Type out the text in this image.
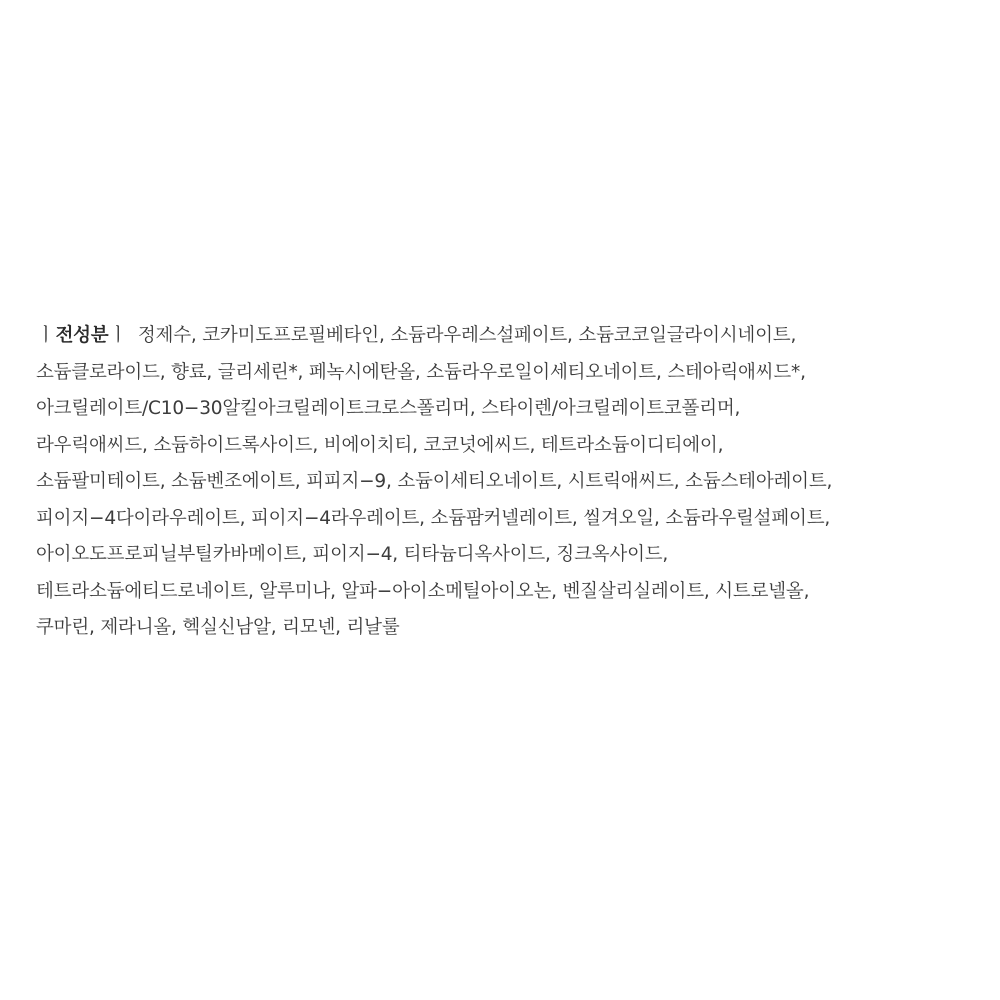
ㅣ전성분ㅣ 정제수, 코카미도프로필베타인, 소듐라우레스설페이트, 소듐코코일글라이시네이트,
소듐클로라이드, 향료, 글리세린*, 페녹시에탄올, 소듐라우로일이세티오네이트, 스테아릭애씨드*,
아크릴레이트/C10−30알킬아크릴레이트크로스폴리머, 스타이렌/아크릴레이트코폴리머,
라우릭애씨드, 소듐하이드록사이드, 비에이치티, 코코넛에씨드, 테트라소듐이디티에이,
소듐팔미테이트, 소듐벤조에이트, 피피지−9, 소듐이세티오네이트, 시트릭애씨드, 소듐스테아레이트,
피이지−4다이라우레이트, 피이지−4라우레이트, 소듐팜커넬레이트, 씰겨오일, 소듐라우릴설페이트,
아이오도프로피닐부틸카바메이트, 피이지−4, 티타늄디옥사이드, 징크옥사이드,
테트라소듐에티드로네이트, 알루미나, 알파−아이소메틸아이오논, 벤질살리실레이트, 시트로넬올,
쿠마린, 제라니올, 헥실신남알, 리모넨, 리날룰
